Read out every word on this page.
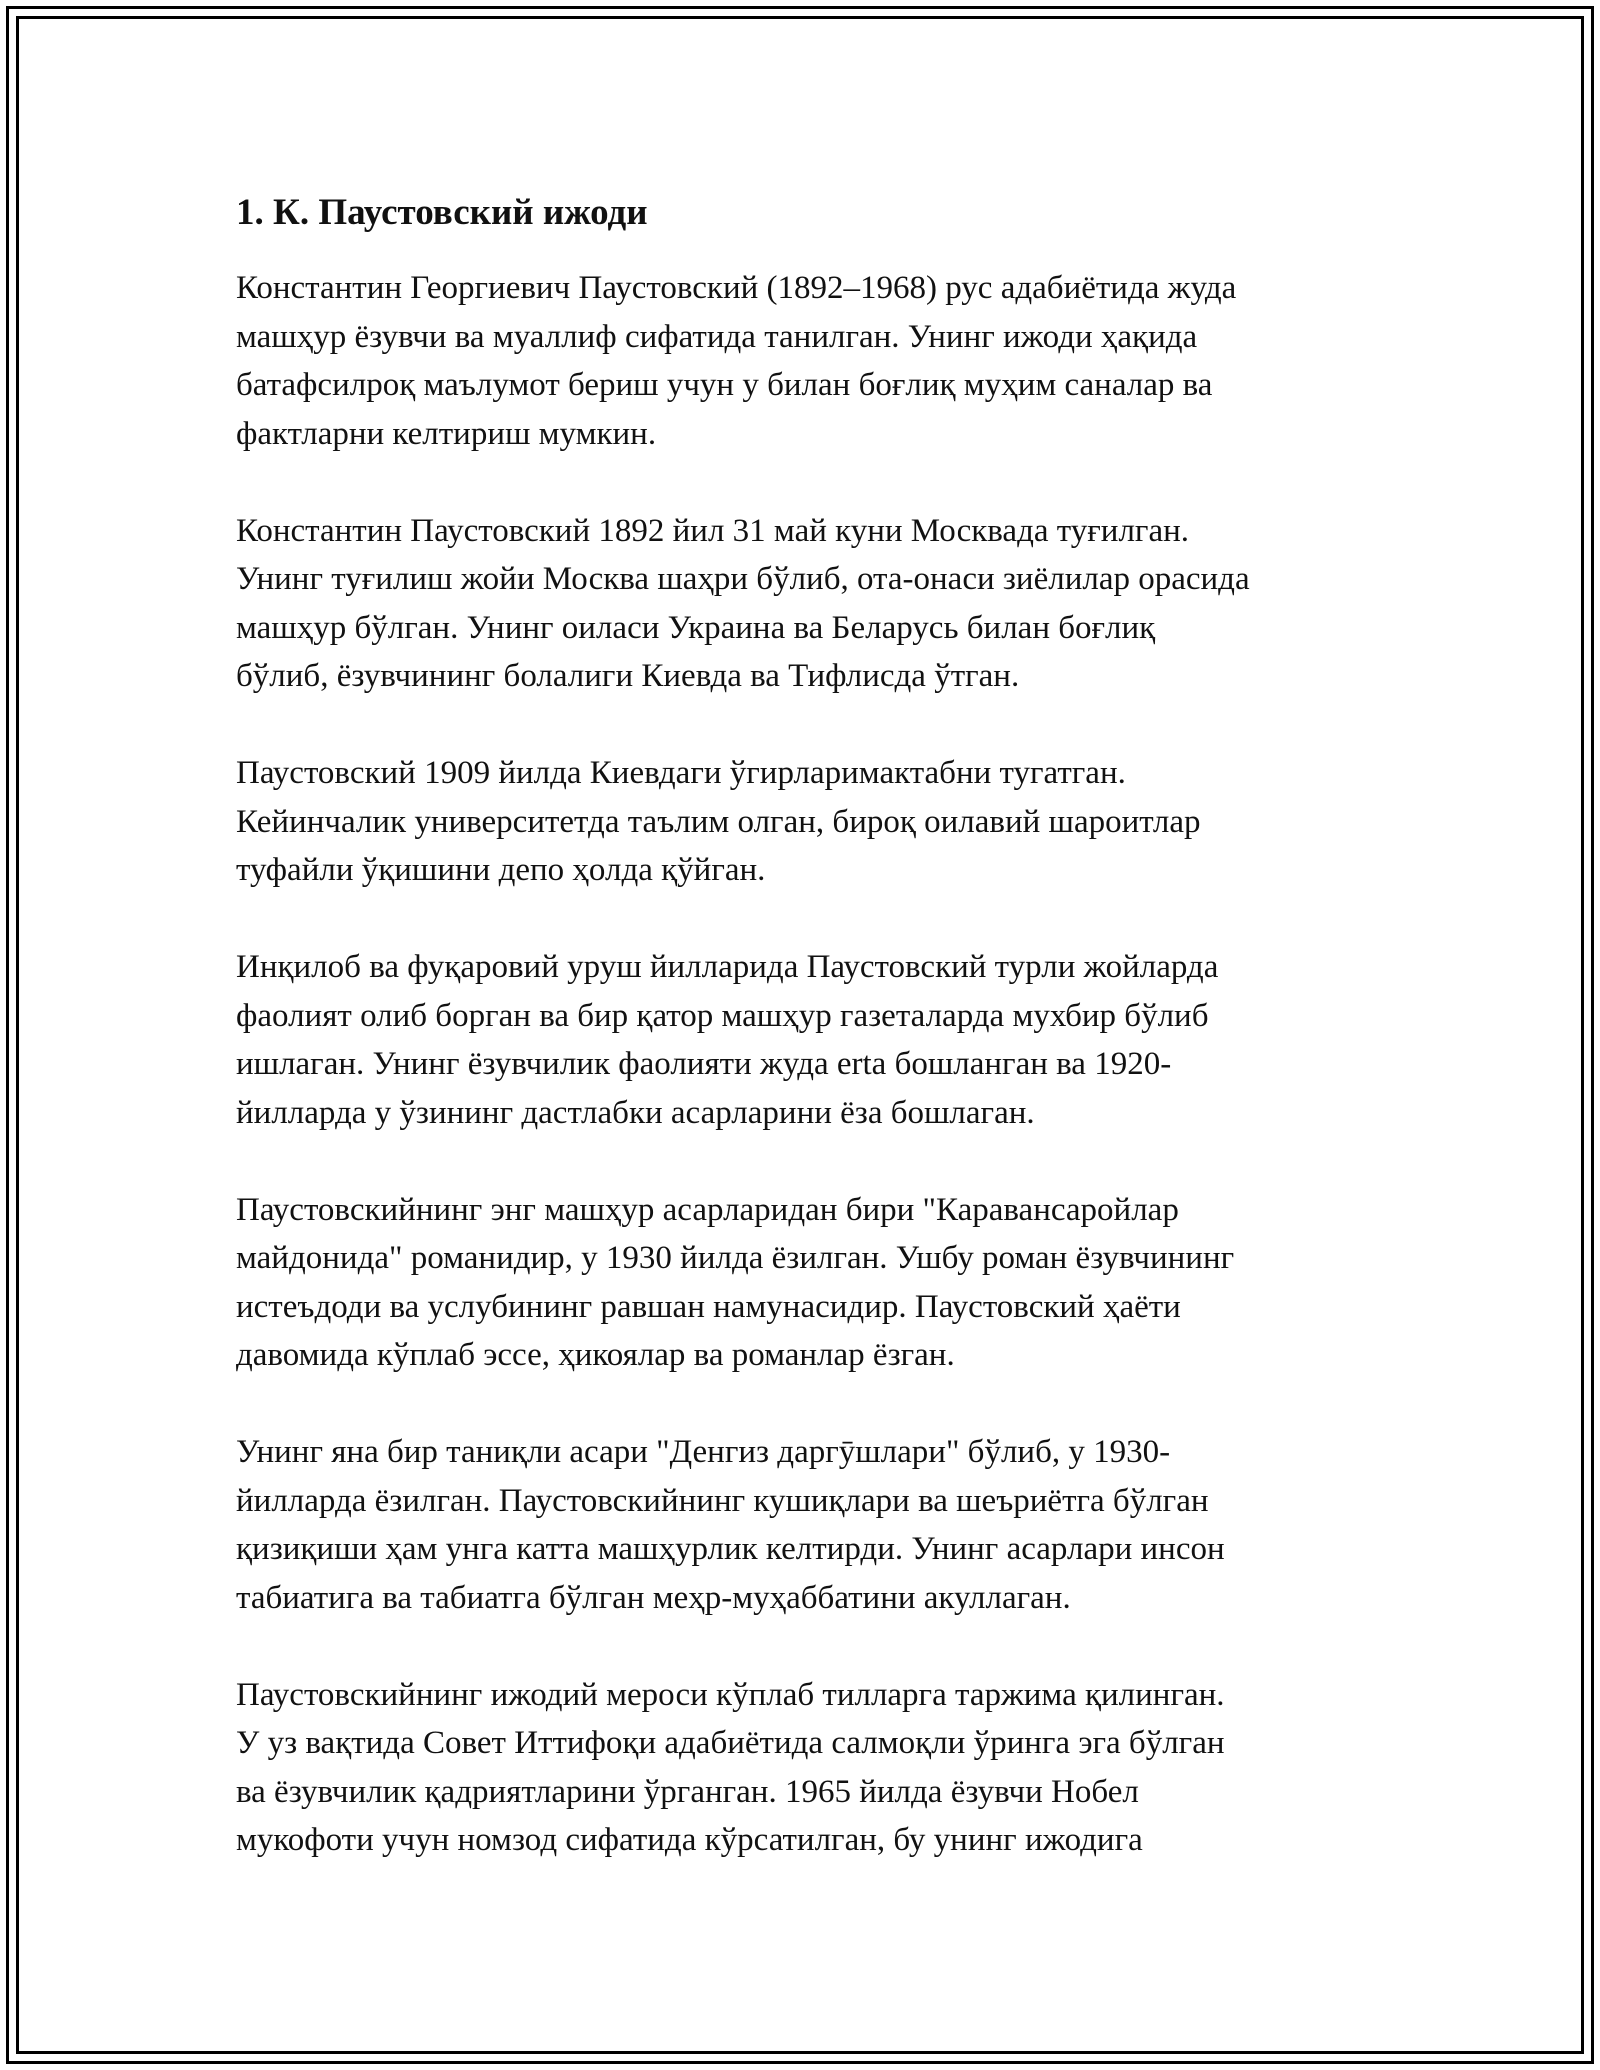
1. К. Паустовский ижоди

Константин Георгиевич Паустовский (1892–1968) рус адабиётида жуда
машҳур ёзувчи ва муаллиф сифатида танилган. Унинг ижоди ҳақида
батафсилроқ маълумот бериш учун у билан боғлиқ муҳим саналар ва
фактларни келтириш мумкин.

Константин Паустовский 1892 йил 31 май куни Москвада туғилган.
Унинг туғилиш жойи Москва шаҳри бўлиб, ота-онаси зиёлилар орасида
машҳур бўлган. Унинг оиласи Украина ва Беларусь билан боғлиқ
бўлиб, ёзувчининг болалиги Киевда ва Тифлисда ўтган.

Паустовский 1909 йилда Киевдаги ўгирларимактабни тугатган.
Кейинчалик университетда таълим олган, бироқ оилавий шароитлар
туфайли ўқишини депо ҳолда қўйган.

Инқилоб ва фуқаровий уруш йилларида Паустовский турли жойларда
фаолият олиб борган ва бир қатор машҳур газеталарда мухбир бўлиб
ишлаган. Унинг ёзувчилик фаолияти жуда erta бошланган ва 1920-
йилларда у ўзининг дастлабки асарларини ёза бошлаган.

Паустовскийнинг энг машҳур асарларидан бири "Каравансаройлар
майдонида" романидир, у 1930 йилда ёзилган. Ушбу роман ёзувчининг
истеъдоди ва услубининг равшан намунасидир. Паустовский ҳаёти
давомида кўплаб эссе, ҳикоялар ва романлар ёзган.

Унинг яна бир таниқли асари "Денгиз даргӯшлари" бўлиб, у 1930-
йилларда ёзилган. Паустовскийнинг кушиқлари ва шеъриётга бўлган
қизиқиши ҳам унга катта машҳурлик келтирди. Унинг асарлари инсон
табиатига ва табиатга бўлган меҳр-муҳаббатини акуллаган.

Паустовскийнинг ижодий мероси кўплаб тилларга таржима қилинган.
У уз вақтида Совет Иттифоқи адабиётида салмоқли ўринга эга бўлган
ва ёзувчилик қадриятларини ўрганган. 1965 йилда ёзувчи Нобел
мукофоти учун номзод сифатида кўрсатилган, бу унинг ижодига
